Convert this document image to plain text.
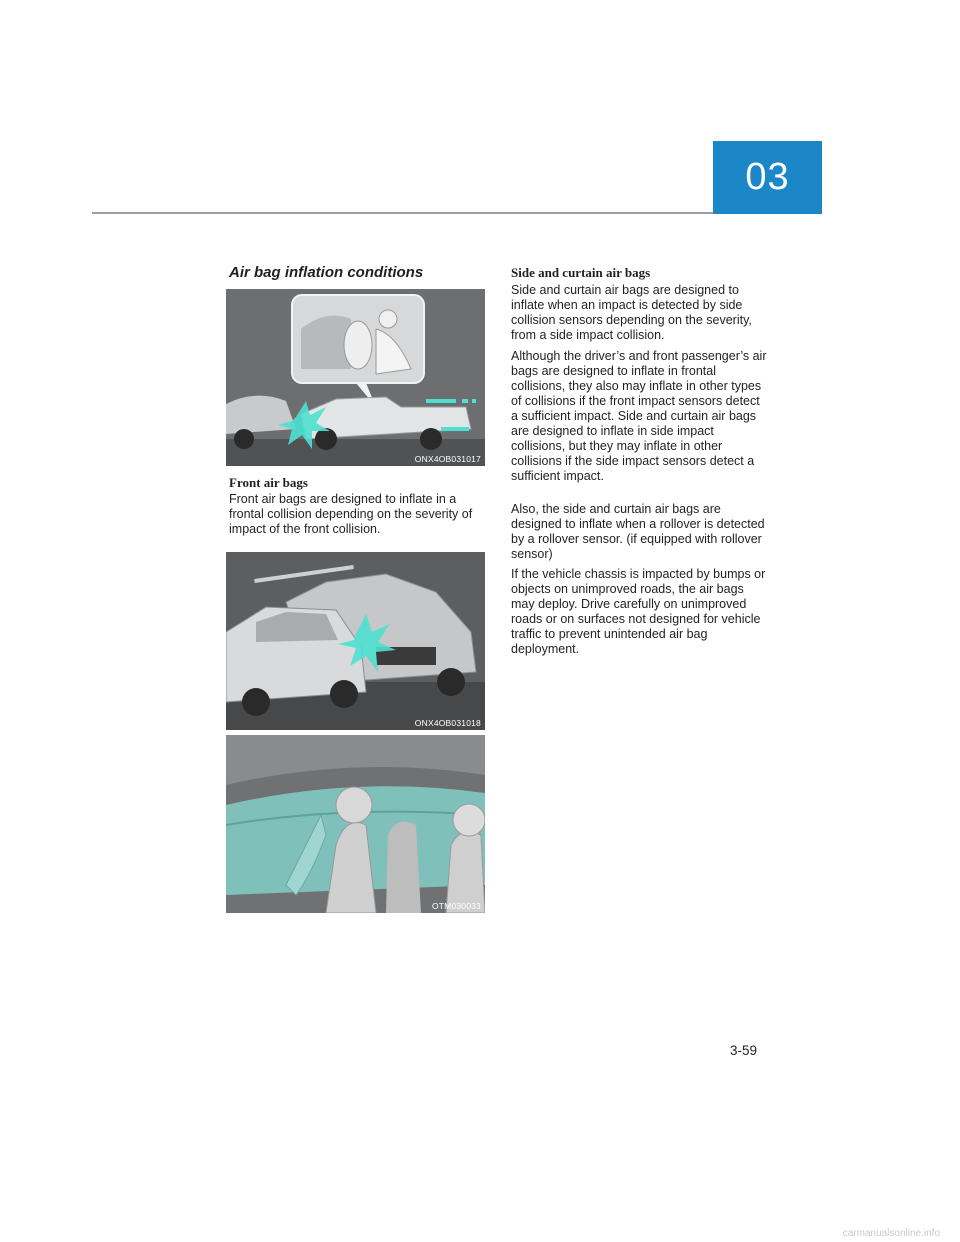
03
Air bag inflation conditions
ONX4OB031017
Front air bags

Front air bags are designed to inflate in a frontal collision depending on the severity of impact of the front collision.

ONX4OB031018
OTM030033
Side and curtain air bags

Side and curtain air bags are designed to inflate when an impact is detected by side collision sensors depending on the severity, from a side impact collision.

Although the driver’s and front passenger’s air bags are designed to inflate in frontal collisions, they also may inflate in other types of collisions if the front impact sensors detect a sufficient impact. Side and curtain air bags are designed to inflate in side impact collisions, but they may inflate in other collisions if the side impact sensors detect a sufficient impact.

Also, the side and curtain air bags are designed to inflate when a rollover is detected by a rollover sensor. (if equipped with rollover sensor)

If the vehicle chassis is impacted by bumps or objects on unimproved roads, the air bags may deploy. Drive carefully on unimproved roads or on surfaces not designed for vehicle traffic to prevent unintended air bag deployment.

3-59
carmanualsonline.info
